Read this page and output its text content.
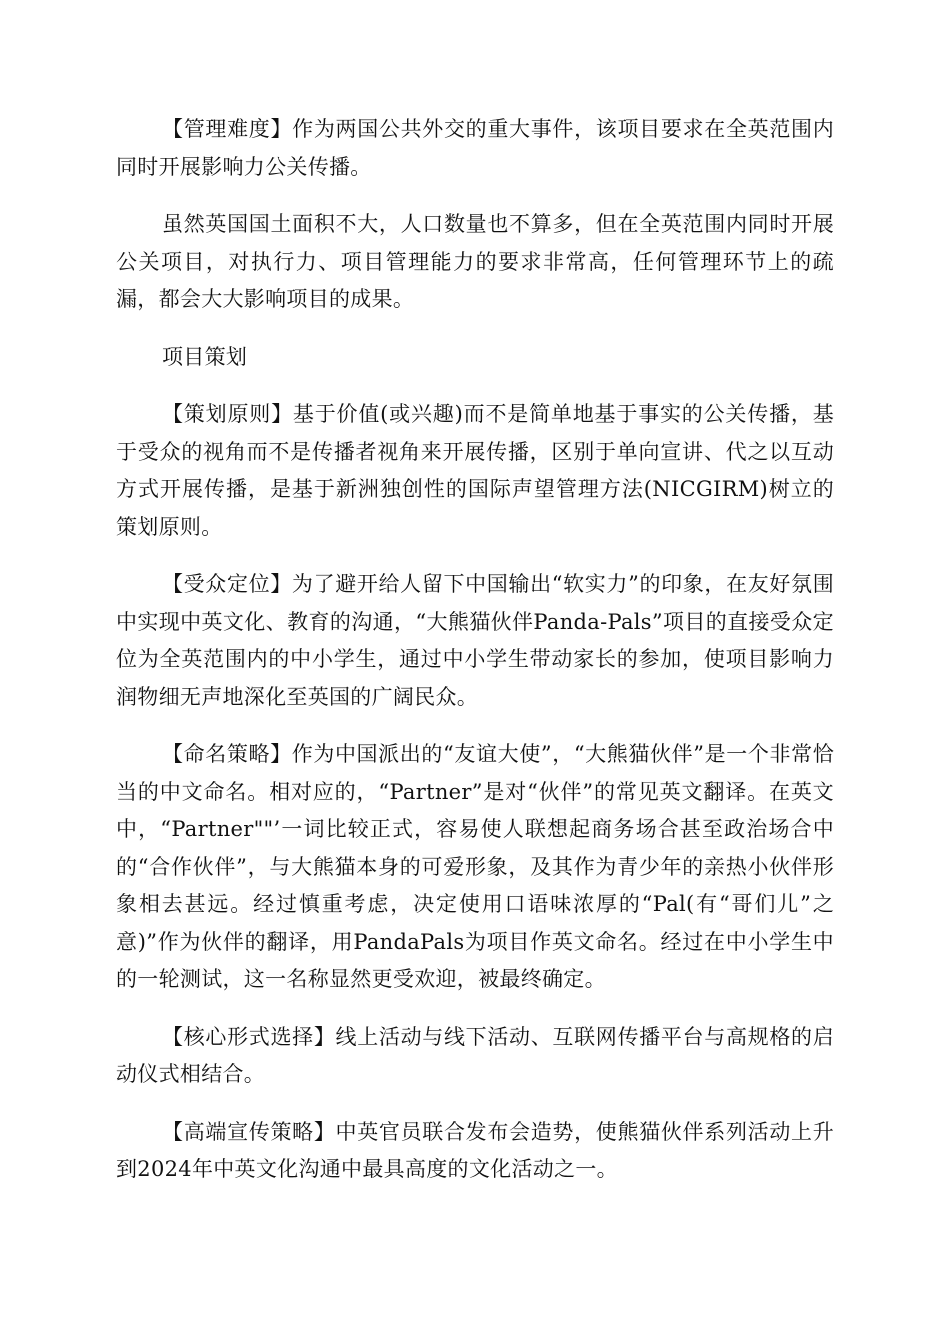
【管理难度】作为两国公共外交的重大事件，该项目要求在全英范围内同时开展影响力公关传播。

虽然英国国土面积不大，人口数量也不算多，但在全英范围内同时开展公关项目，对执行力、项目管理能力的要求非常高，任何管理环节上的疏漏，都会大大影响项目的成果。

项目策划

【策划原则】基于价值(或兴趣)而不是简单地基于事实的公关传播，基于受众的视角而不是传播者视角来开展传播，区别于单向宣讲、代之以互动方式开展传播，是基于新洲独创性的国际声望管理方法(NICGIRM)树立的策划原则。

【受众定位】为了避开给人留下中国输出“软实力”的印象，在友好氛围中实现中英文化、教育的沟通，“大熊猫伙伴Panda-Pals”项目的直接受众定位为全英范围内的中小学生，通过中小学生带动家长的参加，使项目影响力润物细无声地深化至英国的广阔民众。

【命名策略】作为中国派出的“友谊大使”，“大熊猫伙伴”是一个非常恰当的中文命名。相对应的，“Partner”是对“伙伴”的常见英文翻译。在英文中，“Partner""’一词比较正式，容易使人联想起商务场合甚至政治场合中的“合作伙伴”，与大熊猫本身的可爱形象，及其作为青少年的亲热小伙伴形象相去甚远。经过慎重考虑，决定使用口语味浓厚的“Pal(有“哥们儿”之意)”作为伙伴的翻译，用PandaPals为项目作英文命名。经过在中小学生中的一轮测试，这一名称显然更受欢迎，被最终确定。

【核心形式选择】线上活动与线下活动、互联网传播平台与高规格的启动仪式相结合。

【高端宣传策略】中英官员联合发布会造势，使熊猫伙伴系列活动上升到2024年中英文化沟通中最具高度的文化活动之一。
